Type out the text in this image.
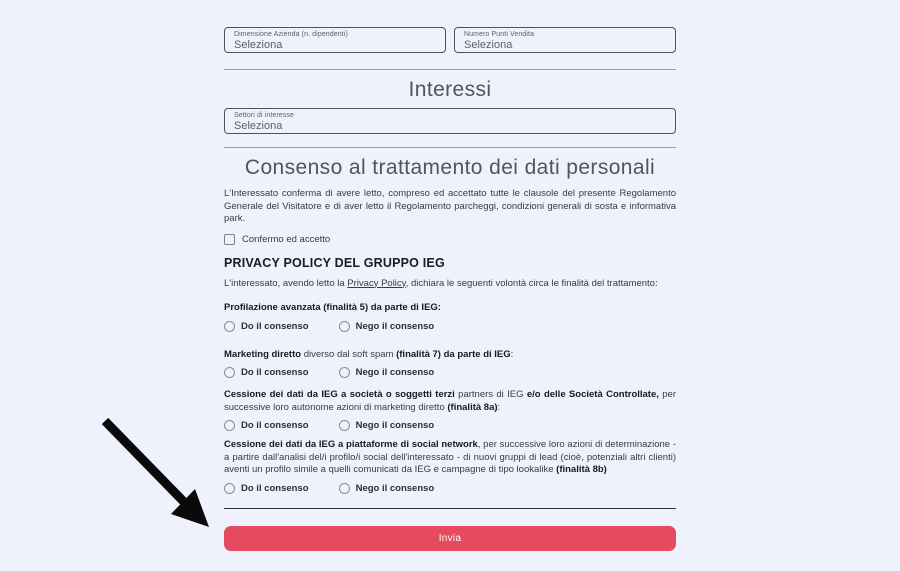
Dimensione Azienda (n. dipendenti)
Seleziona
Numero Punti Vendita
Seleziona
Interessi
Settori di interesse
Seleziona
Consenso al trattamento dei dati personali

L'Interessato conferma di avere letto, compreso ed accettato tutte le clausole del presente Regolamento Generale del Visitatore e di aver letto il Regolamento parcheggi, condizioni generali di sosta e informativa park.

Confermo ed accetto
PRIVACY POLICY DEL GRUPPO IEG

L'interessato, avendo letto la Privacy Policy, dichiara le seguenti volontà circa le finalità del trattamento:

Profilazione avanzata (finalità 5) da parte di IEG:

Do il consenso	Nego il consenso

Marketing diretto diverso dal soft spam (finalità 7) da parte di IEG:

Do il consenso	Nego il consenso

Cessione dei dati da IEG a società o soggetti terzi partners di IEG e/o delle Società Controllate, per successive loro autonome azioni di marketing diretto (finalità 8a):

Do il consenso	Nego il consenso

Cessione dei dati da IEG a piattaforme di social network, per successive loro azioni di determinazione - a partire dall'analisi del/i profilo/i social dell'interessato - di nuovi gruppi di lead (cioè, potenziali altri clienti) aventi un profilo simile a quelli comunicati da IEG e campagne di tipo lookalike (finalità 8b)

Do il consenso	Nego il consenso
Invia
